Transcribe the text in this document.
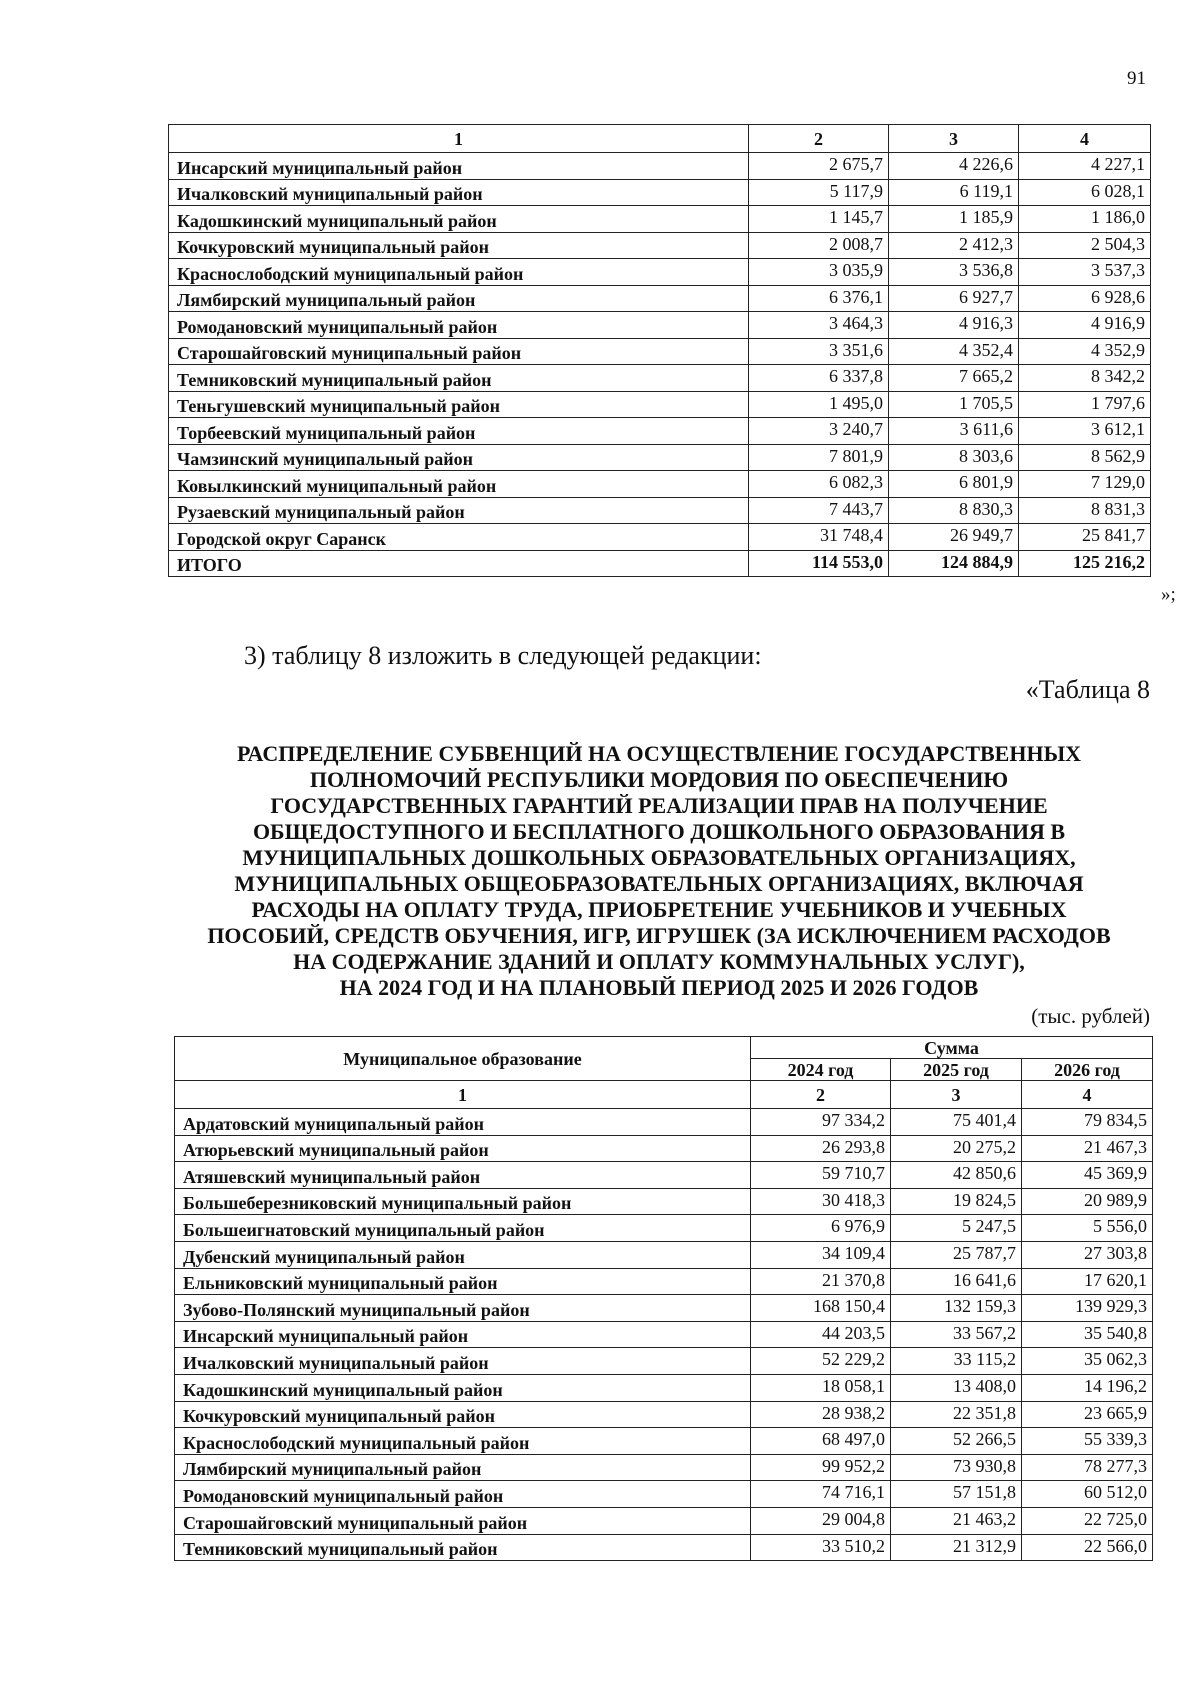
91
1	2	3	4
Инсарский муниципальный район	2 675,7	4 226,6	4 227,1
Ичалковский муниципальный район	5 117,9	6 119,1	6 028,1
Кадошкинский муниципальный район	1 145,7	1 185,9	1 186,0
Кочкуровский муниципальный район	2 008,7	2 412,3	2 504,3
Краснослободский муниципальный район	3 035,9	3 536,8	3 537,3
Лямбирский муниципальный район	6 376,1	6 927,7	6 928,6
Ромодановский муниципальный район	3 464,3	4 916,3	4 916,9
Старошайговский муниципальный район	3 351,6	4 352,4	4 352,9
Темниковский муниципальный район	6 337,8	7 665,2	8 342,2
Теньгушевский муниципальный район	1 495,0	1 705,5	1 797,6
Торбеевский муниципальный район	3 240,7	3 611,6	3 612,1
Чамзинский муниципальный район	7 801,9	8 303,6	8 562,9
Ковылкинский муниципальный район	6 082,3	6 801,9	7 129,0
Рузаевский муниципальный район	7 443,7	8 830,3	8 831,3
Городской округ Саранск	31 748,4	26 949,7	25 841,7
ИТОГО	114 553,0	124 884,9	125 216,2
»;
3) таблицу 8 изложить в следующей редакции:
«Таблица 8
РАСПРЕДЕЛЕНИЕ СУБВЕНЦИЙ НА ОСУЩЕСТВЛЕНИЕ ГОСУДАРСТВЕННЫХ
ПОЛНОМОЧИЙ РЕСПУБЛИКИ МОРДОВИЯ ПО ОБЕСПЕЧЕНИЮ
ГОСУДАРСТВЕННЫХ ГАРАНТИЙ РЕАЛИЗАЦИИ ПРАВ НА ПОЛУЧЕНИЕ
ОБЩЕДОСТУПНОГО И БЕСПЛАТНОГО ДОШКОЛЬНОГО ОБРАЗОВАНИЯ В
МУНИЦИПАЛЬНЫХ ДОШКОЛЬНЫХ ОБРАЗОВАТЕЛЬНЫХ ОРГАНИЗАЦИЯХ,
МУНИЦИПАЛЬНЫХ ОБЩЕОБРАЗОВАТЕЛЬНЫХ ОРГАНИЗАЦИЯХ, ВКЛЮЧАЯ
РАСХОДЫ НА ОПЛАТУ ТРУДА, ПРИОБРЕТЕНИЕ УЧЕБНИКОВ И УЧЕБНЫХ
ПОСОБИЙ, СРЕДСТВ ОБУЧЕНИЯ, ИГР, ИГРУШЕК (ЗА ИСКЛЮЧЕНИЕМ РАСХОДОВ
НА СОДЕРЖАНИЕ ЗДАНИЙ И ОПЛАТУ КОММУНАЛЬНЫХ УСЛУГ),
НА 2024 ГОД И НА ПЛАНОВЫЙ ПЕРИОД 2025 И 2026 ГОДОВ
(тыс. рублей)
Муниципальное образование	Сумма		
	2024 год	2025 год	2026 год
1	2	3	4
Ардатовский муниципальный район	97 334,2	75 401,4	79 834,5
Атюрьевский муниципальный район	26 293,8	20 275,2	21 467,3
Атяшевский муниципальный район	59 710,7	42 850,6	45 369,9
Большеберезниковский муниципальный район	30 418,3	19 824,5	20 989,9
Большеигнатовский муниципальный район	6 976,9	5 247,5	5 556,0
Дубенский муниципальный район	34 109,4	25 787,7	27 303,8
Ельниковский муниципальный район	21 370,8	16 641,6	17 620,1
Зубово-Полянский муниципальный район	168 150,4	132 159,3	139 929,3
Инсарский муниципальный район	44 203,5	33 567,2	35 540,8
Ичалковский муниципальный район	52 229,2	33 115,2	35 062,3
Кадошкинский муниципальный район	18 058,1	13 408,0	14 196,2
Кочкуровский муниципальный район	28 938,2	22 351,8	23 665,9
Краснослободский муниципальный район	68 497,0	52 266,5	55 339,3
Лямбирский муниципальный район	99 952,2	73 930,8	78 277,3
Ромодановский муниципальный район	74 716,1	57 151,8	60 512,0
Старошайговский муниципальный район	29 004,8	21 463,2	22 725,0
Темниковский муниципальный район	33 510,2	21 312,9	22 566,0
